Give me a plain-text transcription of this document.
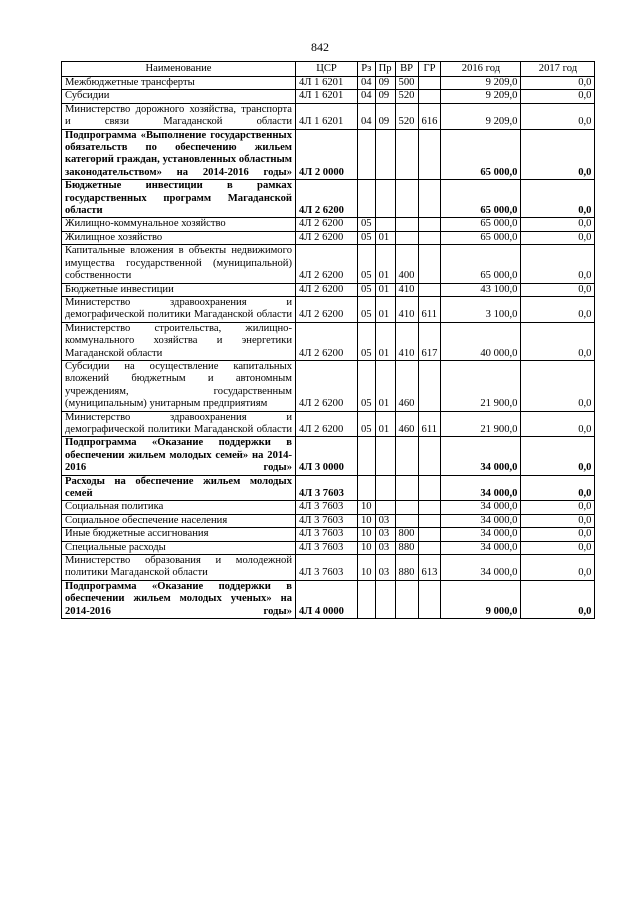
842
Наименование	ЦСР	Рз	Пр	ВР	ГР	2016 год	2017 год
Межбюджетные трансферты	4Л 1 6201	04	09	500		9 209,0	0,0
Субсидии	4Л 1 6201	04	09	520		9 209,0	0,0
Министерство дорожного хозяйства, транспорта и связи Магаданской области	4Л 1 6201	04	09	520	616	9 209,0	0,0
Подпрограмма «Выполнение государственных обязательств по обеспечению жильем категорий граждан, установленных областным законодательством» на 2014-2016 годы»	4Л 2 0000					65 000,0	0,0
Бюджетные инвестиции в рамках государственных программ Магаданской области	4Л 2 6200					65 000,0	0,0
Жилищно-коммунальное хозяйство	4Л 2 6200	05				65 000,0	0,0
Жилищное хозяйство	4Л 2 6200	05	01			65 000,0	0,0
Капитальные вложения в объекты недвижимого имущества государственной (муниципальной) собственности	4Л 2 6200	05	01	400		65 000,0	0,0
Бюджетные инвестиции	4Л 2 6200	05	01	410		43 100,0	0,0
Министерство здравоохранения и демографической политики Магаданской области	4Л 2 6200	05	01	410	611	3 100,0	0,0
Министерство строительства, жилищно-коммунального хозяйства и энергетики Магаданской области	4Л 2 6200	05	01	410	617	40 000,0	0,0
Субсидии на осуществление капитальных вложений бюджетным и автономным учреждениям, государственным (муниципальным) унитарным предприятиям	4Л 2 6200	05	01	460		21 900,0	0,0
Министерство здравоохранения и демографической политики Магаданской области	4Л 2 6200	05	01	460	611	21 900,0	0,0
Подпрограмма «Оказание поддержки в обеспечении жильем молодых семей» на 2014-2016 годы»	4Л 3 0000					34 000,0	0,0
Расходы на обеспечение жильем молодых семей	4Л 3 7603					34 000,0	0,0
Социальная политика	4Л 3 7603	10				34 000,0	0,0
Социальное обеспечение населения	4Л 3 7603	10	03			34 000,0	0,0
Иные бюджетные ассигнования	4Л 3 7603	10	03	800		34 000,0	0,0
Специальные расходы	4Л 3 7603	10	03	880		34 000,0	0,0
Министерство образования и молодежной политики Магаданской области	4Л 3 7603	10	03	880	613	34 000,0	0,0
Подпрограмма «Оказание поддержки в обеспечении жильем молодых ученых» на 2014-2016 годы»	4Л 4 0000					9 000,0	0,0
